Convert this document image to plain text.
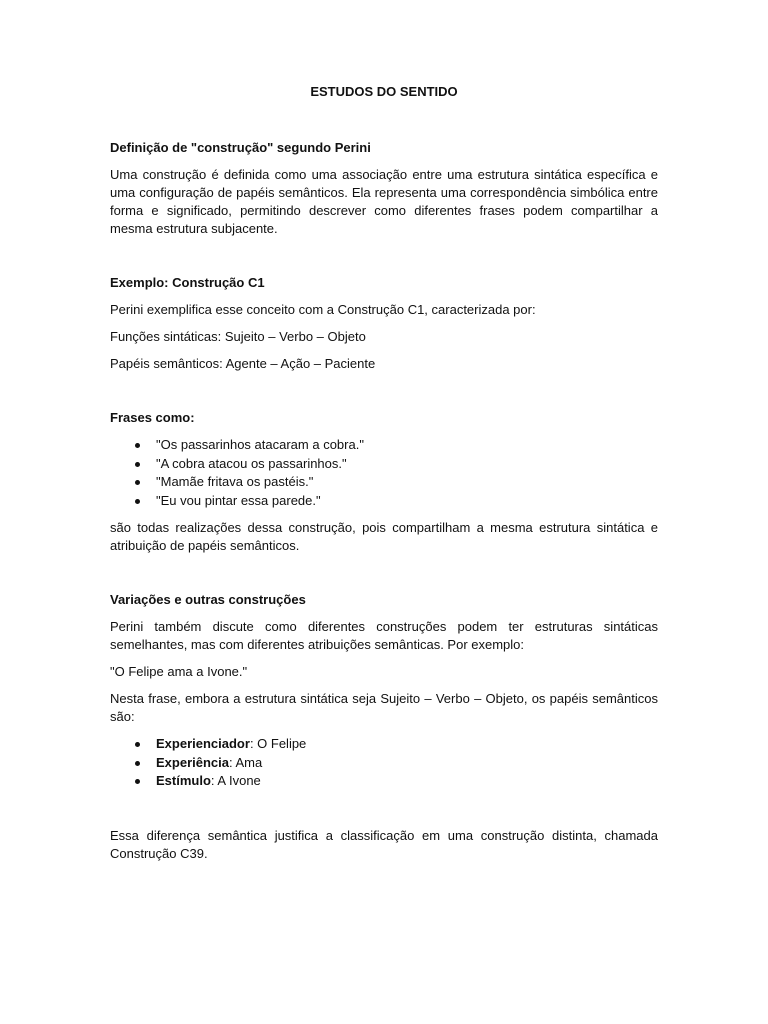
ESTUDOS DO SENTIDO
Definição de "construção" segundo Perini
Uma construção é definida como uma associação entre uma estrutura sintática específica e uma configuração de papéis semânticos. Ela representa uma correspondência simbólica entre forma e significado, permitindo descrever como diferentes frases podem compartilhar a mesma estrutura subjacente.
Exemplo: Construção C1
Perini exemplifica esse conceito com a Construção C1, caracterizada por:
Funções sintáticas: Sujeito – Verbo – Objeto
Papéis semânticos: Agente – Ação – Paciente
Frases como:
"Os passarinhos atacaram a cobra."
"A cobra atacou os passarinhos."
"Mamãe fritava os pastéis."
"Eu vou pintar essa parede."
são todas realizações dessa construção, pois compartilham a mesma estrutura sintática e atribuição de papéis semânticos.
Variações e outras construções
Perini também discute como diferentes construções podem ter estruturas sintáticas semelhantes, mas com diferentes atribuições semânticas. Por exemplo:
"O Felipe ama a Ivone."
Nesta frase, embora a estrutura sintática seja Sujeito – Verbo – Objeto, os papéis semânticos são:
Experienciador: O Felipe
Experiência: Ama
Estímulo: A Ivone
Essa diferença semântica justifica a classificação em uma construção distinta, chamada Construção C39.
